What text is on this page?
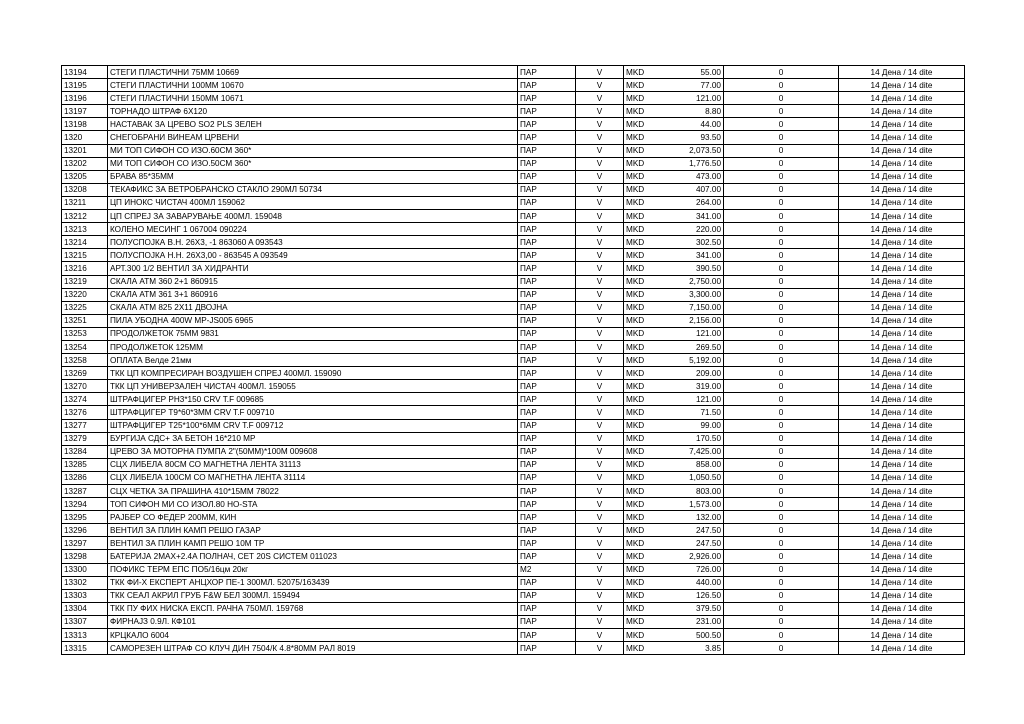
13194	СТЕГИ ПЛАСТИЧНИ 75ММ 10669	ПАР	V	MKD	55.00	0	14 Дена / 14 dite
13195	СТЕГИ ПЛАСТИЧНИ 100ММ 10670	ПАР	V	MKD	77.00	0	14 Дена / 14 dite
13196	СТЕГИ ПЛАСТИЧНИ 150ММ 10671	ПАР	V	MKD	121.00	0	14 Дена / 14 dite
13197	ТОРНАДО ШТРАФ 6X120	ПАР	V	MKD	8.80	0	14 Дена / 14 dite
13198	НАСТАВАК ЗА ЦРЕВО SO2 PLS ЗЕЛЕН	ПАР	V	MKD	44.00	0	14 Дена / 14 dite
1320	СНЕГОБРАНИ ВИНЕАМ ЦРВЕНИ	ПАР	V	MKD	93.50	0	14 Дена / 14 dite
13201	МИ ТОП СИФОН СО ИЗО.60СМ 360*	ПАР	V	MKD	2,073.50	0	14 Дена / 14 dite
13202	МИ ТОП СИФОН СО ИЗО.50СМ 360*	ПАР	V	MKD	1,776.50	0	14 Дена / 14 dite
13205	БРАВА 85*35ММ	ПАР	V	MKD	473.00	0	14 Дена / 14 dite
13208	ТЕКАФИКС ЗА ВЕТРОБРАНСКО СТАКЛО 290МЛ 50734	ПАР	V	MKD	407.00	0	14 Дена / 14 dite
13211	ЦП ИНОКС ЧИСТАЧ 400МЛ 159062	ПАР	V	MKD	264.00	0	14 Дена / 14 dite
13212	ЦП СПРЕЈ ЗА ЗАВАРУВАЊЕ 400МЛ. 159048	ПАР	V	MKD	341.00	0	14 Дена / 14 dite
13213	КОЛЕНО МЕСИНГ 1 067004 090224	ПАР	V	MKD	220.00	0	14 Дена / 14 dite
13214	ПОЛУСПОЈКА В.Н. 26X3, -1 863060 A 093543	ПАР	V	MKD	302.50	0	14 Дена / 14 dite
13215	ПОЛУСПОЈКА Н.Н. 26X3,00 - 863545 A 093549	ПАР	V	MKD	341.00	0	14 Дена / 14 dite
13216	АРТ.300 1/2 ВЕНТИЛ ЗА ХИДРАНТИ	ПАР	V	MKD	390.50	0	14 Дена / 14 dite
13219	СКАЛА АТМ 360 2+1 860915	ПАР	V	MKD	2,750.00	0	14 Дена / 14 dite
13220	СКАЛА АТМ 361 3+1 860916	ПАР	V	MKD	3,300.00	0	14 Дена / 14 dite
13225	СКАЛА АТМ 825 2X11 ДВОЈНА	ПАР	V	MKD	7,150.00	0	14 Дена / 14 dite
13251	ПИЛА УБОДНА 400W MP-JS005 6965	ПАР	V	MKD	2,156.00	0	14 Дена / 14 dite
13253	ПРОДОЛЖЕТОК 75ММ 9831	ПАР	V	MKD	121.00	0	14 Дена / 14 dite
13254	ПРОДОЛЖЕТОК 125ММ	ПАР	V	MKD	269.50	0	14 Дена / 14 dite
13258	ОПЛАТА Велде 21мм	ПАР	V	MKD	5,192.00	0	14 Дена / 14 dite
13269	ТКК ЦП КОМПРЕСИРАН ВОЗДУШЕН СПРЕЈ 400МЛ. 159090	ПАР	V	MKD	209.00	0	14 Дена / 14 dite
13270	ТКК ЦП УНИВЕРЗАЛЕН ЧИСТАЧ 400МЛ. 159055	ПАР	V	MKD	319.00	0	14 Дена / 14 dite
13274	ШТРАФЦИГЕР PH3*150 CRV T.F 009685	ПАР	V	MKD	121.00	0	14 Дена / 14 dite
13276	ШТРАФЦИГЕР T9*60*3ММ CRV T.F 009710	ПАР	V	MKD	71.50	0	14 Дена / 14 dite
13277	ШТРАФЦИГЕР T25*100*6ММ CRV T.F 009712	ПАР	V	MKD	99.00	0	14 Дена / 14 dite
13279	БУРГИЈА СДС+ ЗА БЕТОН 16*210 MP	ПАР	V	MKD	170.50	0	14 Дена / 14 dite
13284	ЦРЕВО ЗА МОТОРНА ПУМПА 2"(50ММ)*100М 009608	ПАР	V	MKD	7,425.00	0	14 Дена / 14 dite
13285	СЦХ ЛИБЕЛА 80СМ СО МАГНЕТНА ЛЕНТА 31113	ПАР	V	MKD	858.00	0	14 Дена / 14 dite
13286	СЦХ ЛИБЕЛА 100СМ СО МАГНЕТНА ЛЕНТА 31114	ПАР	V	MKD	1,050.50	0	14 Дена / 14 dite
13287	СЦХ ЧЕТКА ЗА ПРАШИНА 410*15ММ 78022	ПАР	V	MKD	803.00	0	14 Дена / 14 dite
13294	ТОП СИФОН МИ СО ИЗОЛ.80 HO-STA	ПАР	V	MKD	1,573.00	0	14 Дена / 14 dite
13295	РАЈБЕР СО ФЕДЕР 200ММ, КИН	ПАР	V	MKD	132.00	0	14 Дена / 14 dite
13296	ВЕНТИЛ ЗА ПЛИН КАМП РЕШО ГАЗАР	ПАР	V	MKD	247.50	0	14 Дена / 14 dite
13297	ВЕНТИЛ ЗА ПЛИН КАМП РЕШО 10М ТР	ПАР	V	MKD	247.50	0	14 Дена / 14 dite
13298	БАТЕРИЈА 2MAX+2.4A ПОЛНАЧ, СЕТ 20S СИСТЕМ 011023	ПАР	V	MKD	2,926.00	0	14 Дена / 14 dite
13300	ПОФИКС ТЕРМ ЕПС ПО5/16цм 20кг	М2	V	MKD	726.00	0	14 Дена / 14 dite
13302	ТКК ФИ-Х ЕКСПЕРТ АНЦХОР ПЕ-1 300МЛ. 52075/163439	ПАР	V	MKD	440.00	0	14 Дена / 14 dite
13303	ТКК СЕАЛ АКРИЛ ГРУБ F&W БЕЛ 300МЛ. 159494	ПАР	V	MKD	126.50	0	14 Дена / 14 dite
13304	ТКК ПУ ФИХ НИСКА ЕКСП. РАЧНА 750МЛ. 159768	ПАР	V	MKD	379.50	0	14 Дена / 14 dite
13307	ФИРНАЈЗ 0.9Л. КФ101	ПАР	V	MKD	231.00	0	14 Дена / 14 dite
13313	КРЦКАЛО 6004	ПАР	V	MKD	500.50	0	14 Дена / 14 dite
13315	САМОРЕЗЕН ШТРАФ СО КЛУЧ ДИН 7504/К 4.8*80ММ РАЛ 8019	ПАР	V	MKD	3.85	0	14 Дена / 14 dite
